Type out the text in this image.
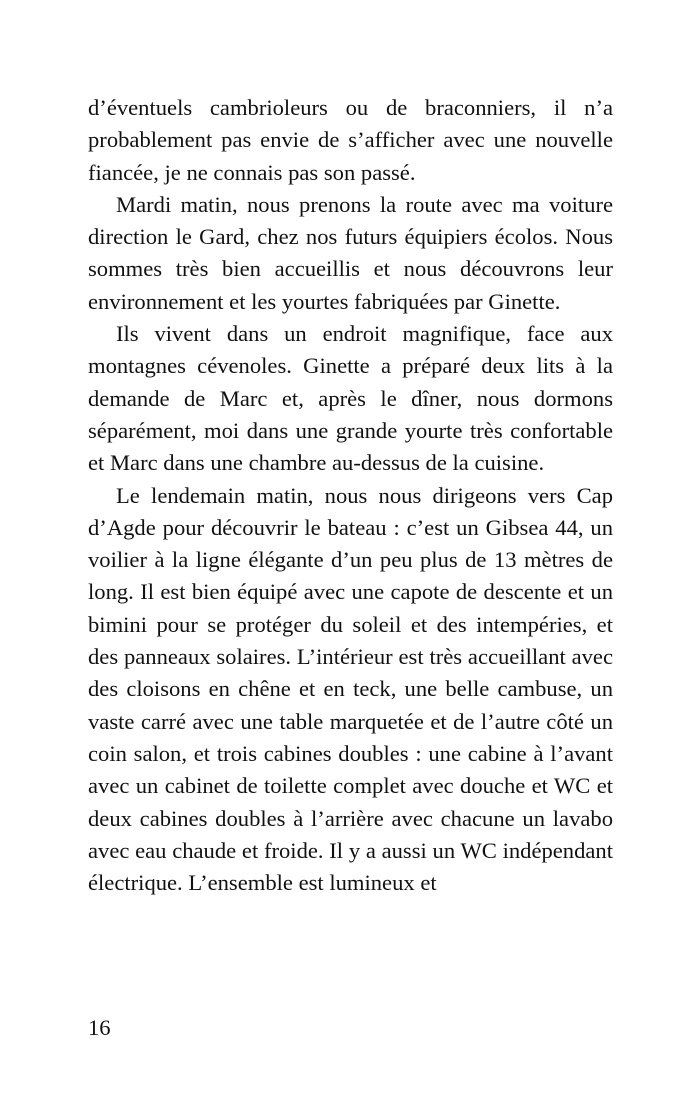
d’éventuels cambrioleurs ou de braconniers, il n’a probablement pas envie de s’afficher avec une nouvelle fiancée, je ne connais pas son passé.

Mardi matin, nous prenons la route avec ma voiture direction le Gard, chez nos futurs équipiers écolos. Nous sommes très bien accueillis et nous découvrons leur environnement et les yourtes fabriquées par Ginette.

Ils vivent dans un endroit magnifique, face aux montagnes cévenoles. Ginette a préparé deux lits à la demande de Marc et, après le dîner, nous dormons séparément, moi dans une grande yourte très confortable et Marc dans une chambre au-dessus de la cuisine.

Le lendemain matin, nous nous dirigeons vers Cap d’Agde pour découvrir le bateau : c’est un Gibsea 44, un voilier à la ligne élégante d’un peu plus de 13 mètres de long. Il est bien équipé avec une capote de descente et un bimini pour se protéger du soleil et des intempéries, et des panneaux solaires. L’intérieur est très accueillant avec des cloisons en chêne et en teck, une belle cambuse, un vaste carré avec une table marquetée et de l’autre côté un coin salon, et trois cabines doubles : une cabine à l’avant avec un cabinet de toilette complet avec douche et WC et deux cabines doubles à l’arrière avec chacune un lavabo avec eau chaude et froide. Il y a aussi un WC indépendant électrique. L’ensemble est lumineux et

16
